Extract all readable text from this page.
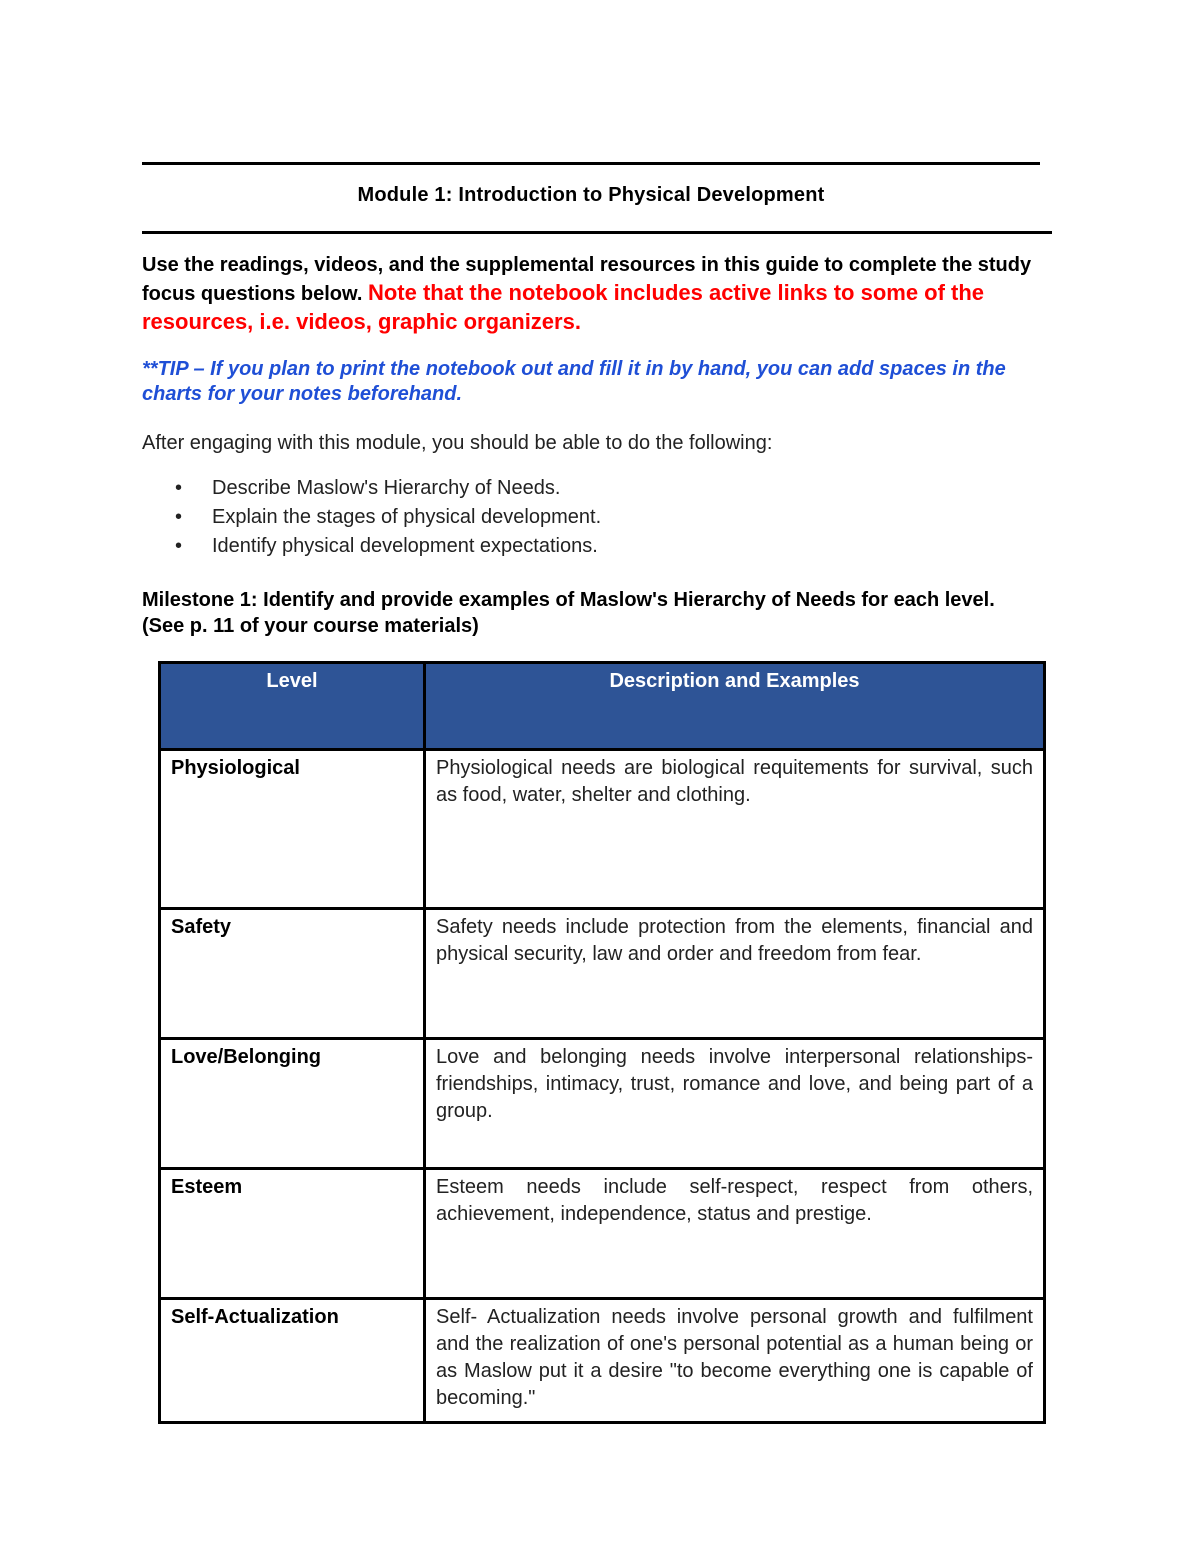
Module 1: Introduction to Physical Development
Use the readings, videos, and the supplemental resources in this guide to complete the study focus questions below. Note that the notebook includes active links to some of the resources, i.e. videos, graphic organizers.
**TIP – If you plan to print the notebook out and fill it in by hand, you can add spaces in the charts for your notes beforehand.
After engaging with this module, you should be able to do the following:
• Describe Maslow's Hierarchy of Needs.
• Explain the stages of physical development.
• Identify physical development expectations.
Milestone 1: Identify and provide examples of Maslow's Hierarchy of Needs for each level. (See p. 11 of your course materials)
Level	Description and Examples
Physiological	Physiological needs are biological requitements for survival, such as food, water, shelter and clothing.
Safety	Safety needs include protection from the elements, financial and physical security, law and order and freedom from fear.
Love/Belonging	Love and belonging needs involve interpersonal relationships- friendships, intimacy, trust, romance and love, and being part of a group.
Esteem	Esteem needs include self-respect, respect from others, achievement, independence, status and prestige.
Self-Actualization	Self- Actualization needs involve personal growth and fulfilment and the realization of one's personal potential as a human being or as Maslow put it a desire "to become everything one is capable of becoming."
